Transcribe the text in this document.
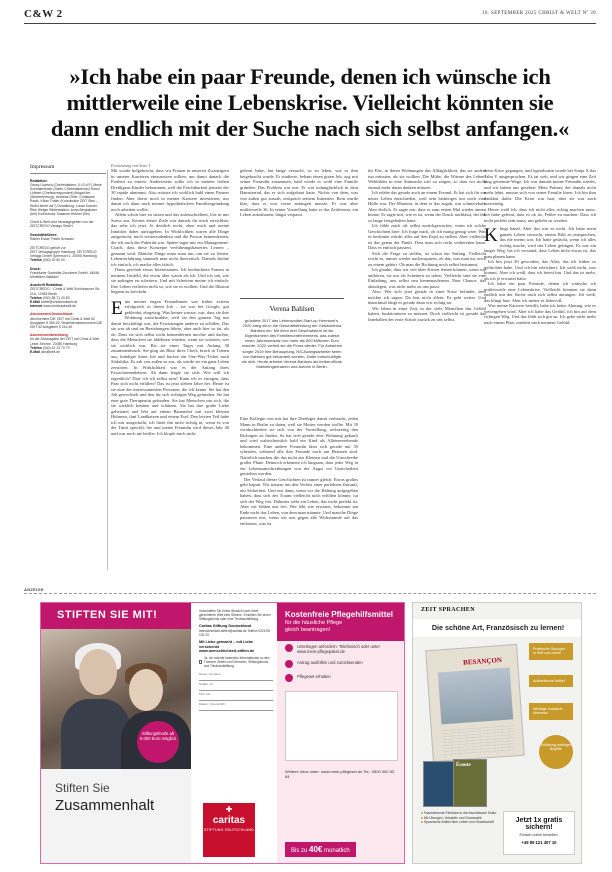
C&W 2	16. SEPTEMBER 2025 CHRIST & WELT Nº 39
»Ich habe ein paar Freunde, denen ich wünsche ich mittlerweile eine Lebenskrise. Vielleicht könnten sie dann endlich mit der Suche nach sich selbst anfangen.«
Impressum
Redaktion:
Georg Löwisch (Chefredakteur, V.i.S.d.P.) Merle Schmalenbach (Stellv. Chefredakteurin) Raoul Löbbert (Chefkorrespondent) Abigail der (Stellvertretung), Andreas Öhler, Christiane Rastz, Kilian Trotier (Koordinator ZEIT Steu – Wofür leben wir?) Gestaltung: Lucas Kramer, Rike Weiger Bildredaktion: Anna Berghäuser (frei) Korrektorat: Susanne Hübner (frei)
Christ & Welt wird herausgegeben von der ZEITCREDO Verlags GmbH.
Geschäftsführer:
Rainer Esser, Patrik Schwarz
ZEITCREDO gehört zur
ZEIT Verlagsgruppe Hamburg. ZEITCREDO Verlags GmbH Speersort 1, 20095 Hamburg
Telefon (040) 32 80 00
Druck:
Frankfurter Societäts-Druckerei GmbH, 64546 Mörfelden-Walldorf
Anschrift Redaktion:
ZEITCREDO – Christ & Welt Schönhauser Str. 21A, 10963 Berlin
Telefon (030) 88 71 43 83
E-Mail briefe@christundwelt.de
Internet www.christundwelt.de
Abonnement Deutschland:
Abonnement DIE ZEIT mit Christ & Welt 52 Ausgaben € 369,20; Studentenabonnement DIE ZEIT 52 Ausgaben € 244,40
Abonnementbestellung
für die Zeitausgabe der ZEIT mit Christ & Welt Leser-Service, 20080 Hamburg
Telefon (040) 42 23 70 70
E-Mail abo@zeit.de
Fortsetzung von Seite 1

Mit wurde bolgebracht, dass wir Frauen in unseren Zwanzigern in unserer Karrieren einzusetzen sollten, um damit danach die Freiheit zu ernten. Andererseits sollte ich in meinen frühen Dreißigern Kinder bekommen, weil die Fruchtbarkeit jenseits der 30 rapide abnimmt. Also müsste ich wirklich bald einen Partner finden. Aber davor noch in meiner Karriere investieren, nur damit ich dann nach meiner hypothetischen Familiengründung noch arbeiten wollte.

Allein schon hier zu sitzen und das aufzuschreiben, löst in mir Stress aus. Keines dieser Ziele war damals für mich erreichbar, das sehe ich jetzt. Je deutlich nicht, ohne mich und meine Intuition dabei aufzugeben. In Wirklichkeit waren alle Dinge ausgedacht, mich weiterzudenken und die Person kennenlernen, die ich nach der Pubertät war. Später sagte mir ein Management-Coach, dass diese Konzepte verführungsbasiertes Lernen – genannt wird. Manche Dinge muss man tun, um sie zu lernen. Lebenserfahrung sammelt man nicht theoretisch. Damals dachte ich einfach, ich mache alles falsch.

Dann geschah etwas Interessantes. Ich beobachtete Frauen in meinem Umfeld, die etwas älter waren als ich. Und ich sah, wie sie anfingen zu scheitern. Und mit Scheitern meine ich einfach: Ihre Leben verliefen nicht so, wie sie es wollten. Und die Illusion begann zu bröckeln.

Eine meiner engen Freundinnen war früher extrem erfolgreich in ihrem Job – sie war bei Google, gut gekleidet, ehrgeizig. Was keiner wusste, war, dass sie ihre Wohnung zurückzahlte, weil sie den ganzen Tag nur damit beschäftigt war, die Erwartungen anderer zu erfüllen. Das sie war ab und an Beziehungen führte, aber auch hier so tat, als ob. Dass sie sich selbst nicht kennenlernen mochte und dachte, dass die Menschen sie ablehnen würden, wenn sie wüssten, wer sie wirklich war. Bis sie eines Tages mit Anfang 30 zusammenbrach. Sie ging ins Büro ihres Chefs, brach in Tränen aus, kündigte ihren Job und buchte ein One-Way-Ticket nach Südafrika. Es sah von außen so aus, als würde sie ein ganz Leben zerstören. In Wirklichkeit war es der Anfang ihres Erwachsenenlebens. Ab dann fragte sie sich: Wie will ich eigentlich? Darf ich ich selbst sein? Kann ich es ertragen, dass Paar sich nicht erfüllen? Das ist jetzt sieben Jahre her. Heute ist sie eine der interessantesten Personen, die ich kenne. Sie hat den Job gewechselt und den für sich richtigen Weg gefunden. Sie hat eine gute Therapeutin gefunden. Sie hat Menschen um sich, die sie wirklich kennen und schätzen. Sie hat ihre große Liebe geheiratet und lebt auf einem Bauernhof mit zwei kleinen Hühnern, fünf Landkatzen und einem Esel. Den letzten Teil habe ich mir ausgedacht, ich finde ihn nicht richtig in, wenn es von der Tuttti spricht). Sie und meine Freundin wird dieses Jahr 40 und war noch nie heilfer. Ich klopfe mich nicht.

gelernt habe, hat lange versucht, so zu leben, wie es ihm beigebracht wurde. Er studierte, bekam einen guten Job, zog mit seiner Freundin zusammen, bald würde er wohl eine Familie gründen. Das Problem war nur: Er war todunglücklich in dem Hamsterrad, das er sich aufgebaut hatte. Nichts von dem, was von außen gut aussah, entsprach seinem Innersten. Bein wurde klar, dass er von vorne anfangen musste. Er war aber mittlerweile 36. In seiner Vorstellung hatte er das Zeitfenster, ein Leben aufzubauen, längst verpasst.

Verena Bahlsen
gründete 2017 das Lebensmittel-Start-up Hermann's. 2020 stieg sie in die Geschäftsführung der Gebäckfirma Bahlsen ein. Mit ihren drei Geschwistern ist sie Eigentümerin des Familienunternehmens, das zuletzt einen Jahresumsatz von mehr als 500 Millionen Euro machte. 2022 verließ sie die Firma wieder. Für Aufsehen sorgte 2019 ihre Behauptung, NS-Zwangsarbeiter seien von Bahlsen gut behandelt worden. Dafür entschuldigte sie sich. Heute arbeitet Verena Bahlsen als freiberufliche Marketingberaterin und Autorin in Berlin.

Eine Kollegin von mir hat ihre Dreißiger damit verbracht, jeden Mann in Berlin zu daten, weil sie Mutter werden wollte. Mit 39 verabschiedete sie sich von der Vorstellung, rechtzeitig den Richtigen zu finden. So hat sich gerade eine Wohnung gekauft und wird wahrscheinlich bald ein Kind als Alleinerziehende bekommen. Eine andere Freundin lässt sich gerade mit 35 scheiden, während alle ihre Freunde noch am Heiraten sind. Natürlich machen die das nicht aus Kleinen und die Umschreibe großer Pläne. Dennoch erkennen ich langsam, dass jeder Weg in ein Lebensumschreibungen von der Angst vor Unsicherheit getrieben werden.

Der Verlauf dieser Geschichten ist immer gleich: Etwas großes geht kaputt. Wir trauern um den Verlust einer perfekten Zukunft, um Sicherheit. Und erst dann, wenn wir die Haltung aufgegeben haben, dass sich der Traum vielleicht noch erfüllen könnte, tut sich der Weg frei. Dahinter steht ein Leben, das nicht perfekt ist. Aber wir fühlen uns frei. Wer lebt wie erwartet, bekommt am Ende nicht das Leben, von dem man träumte. Und manche Dinge passieren erst, wenn wir uns gegen alle Widerstände auf das einlassen, was ist.

ihr Ehe, in deren Wohnungen das Alltäglichkeit, das sie anders tun müssten, als sie wollten. Die Mühe, die Wärme des Leben-Weltbildes in eine Sinnsuche tritt zu zeigen, so dass wir nicht einmal mehr daran denken müssen.

Ich erlebe das gerade auch an einem Freund. Er hat sich für ein neues Leben entschieden, weil sein bisheriges nur noch eine Hülle war. Der Moment, in dem er das zugab, war schmerzhaft. Aber ehrlich. Er sagte mir, dass er zum ersten Mal wieder atmen könne. Er sagte mir, wie es ist, wenn der Druck nachlässt, der ihn so lange festgehalten hatte.

Ich fühle mich oft selbst zurückgeworfen, wenn ich solche Geschichten höre. Ich frage mich, ob ich mutig genug wäre. Was es bedeuten würde, alles auf den Kopf zu stellen. Aber vielleicht ist das genau der Punkt. Dass man sich nicht vorbereiten kann. Dass es einfach passiert.

Sich die Frage zu stellen, ist schon ein Anfang. Vielleicht reicht es, immer wieder nachzuspüren, ob das, was man tut, noch zu einem gehört. Ob man die Richtung noch selbst bestimmt.

Ich glaube, dass wir viel über Krisen lernen können, wenn wir aufhören, sie nur als Scheitern zu sehen. Vielleicht sind sie eine Einladung, uns selbst neu kennenzulernen. Eine Chance, das abzulegen, was nicht mehr zu uns passt.

Also: Wer sich jetzt gerade in einer Krise befindet, dem möchte ich sagen: Du bist nicht allein. Es geht weiter. Und manchmal fängt es gerade dann erst richtig an.

Wir leben in einer Zeit, in der viele Menschen das Gefühl haben, funktionieren zu müssen. Doch vielleicht ist gerade das Innehalten der erste Schritt zurück zu uns selbst.

diese Krise gegangen, und irgendwann wurde bei Sonja X das Tabu Y ausgesprochen. Es tat weh, und wir gingen eine Zeit lang getrennte Wege. Ich war damals meine Freundin wieder, und wir haben uns gesehen. Mein Partner, der damals nicht mehr lebte, musste sich von seiner Familie lösen. Ich bin ihm dankbar dafür. Die Krise war hart, aber sie war auch notwendig.

Heute weiß ich, dass ich nicht alles richtig machen muss. Ich habe gelernt, dass es ok ist, Fehler zu machen. Dass ich nicht perfekt sein muss, um geliebt zu werden.

Klingt banal. Aber das war es nicht. Ich hatte mein ganzes Leben versucht, einem Bild zu entsprechen, das nie meins war. Ich hatte gedacht, wenn ich alles richtig mache, wird das Leben gelingen. Es war ein langer Weg, bis ich verstand, dass Leben nicht etwas ist, das man planen kann.

Ich bin jetzt 30 geworden, das Alter, das ich früher so gefürchtet habe. Und ich bin erleichtert. Ich weiß nicht, was kommt. Aber ich weiß, dass ich bereit bin. Und das ist mehr, als ich je erwartet hätte.

Ich habe ein paar Freunde, denen ich wünsche ich mittlerweile eine Lebenskrise. Vielleicht könnten sie dann endlich mit der Suche nach sich selbst anfangen. Ich weiß, das klingt hart. Aber ich meine es liebevoll.

Was meine Karriere betrifft, habe ich keine Ahnung, wie es weitergehen wird. Aber ich habe das Gefühl, ich bin auf dem richtigen Weg. Und das fühlt sich gut an. Ich gehe nicht mehr nach einem Plan, sondern nach meinem Gefühl.

ANZEIGE
STIFTEN SIE MIT!
Stiftungsfonds ab 5.000 Euro möglich
Stiften Sie
Zusammenhalt
Verschaffen Sie Ihrem Wunsch nach einer gerechteren Welt eine Stimme. Errichten Sie einen Stiftungsfonds oder eine Treuhandstiftung.
Caritas Stiftung Deutschland
menschlichkeit-stiften@caritas.de Telefon 0221/94 100-20
Mit Liebe gemacht – mit Liebe verschenkt
www.menschlichkeit-stiften.de
Ja, ich möchte kostenlos Informationen zu den Themen: Stiften und Vererben, Stiftungsfonds und Treuhandstiftung.
Name, Vorname
Straße, Nr.
PLZ, Ort
Datum, Unterschrift
✚
caritas
STIFTUNG DEUTSCHLAND
Kostenfreie Pflegehilfsmittel
für die häusliche Pflege
gleich beantragen!
Unterlagen anfordern: Telefonisch oder unter www.mein-pflegepaket.de
Antrag ausfüllen und zurücksenden
Pflegeset erhalten
Weitere Infos unter: www.mein-pflegeset.de Tel.: 0800 000 83 84
Bis zu 40€ monatlich
ZEIT SPRACHEN
Die schöne Art, Französisch zu lernen!
BESANÇON
Écoute
Praktische Übungen in Heft und online
Authentische Artikel
Wichtige Vokabeln übersetzt
Erklärung wichtiger Begriffe
■ Faszinierende Einblicke in die französische Kultur
■ Mit Übungen, Vokabeln und Grammatik
■ Spannende Artikel über Leben und Gesellschaft	Jetzt 1x gratis sichern!
Einfach online bestellen:
+49 89 121 407 10
